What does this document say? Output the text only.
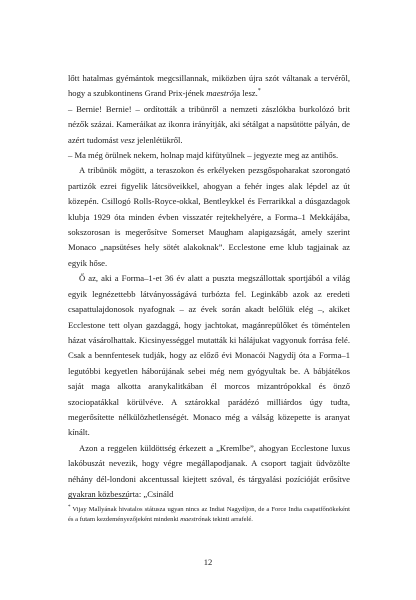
lőtt hatalmas gyémántok megcsillannak, miközben újra szót váltanak a tervérõl, hogy a szubkontinens Grand Prix-jének maestrója lesz.*

– Bernie! Bernie! – ordították a tribünről a nemzeti zászlókba burkolózó brit nézők százai. Kameráikat az ikonra irányítják, aki sétálgat a napsütötte pályán, de azért tudomást vesz jelenlétükről.

– Ma még örülnek nekem, holnap majd kifütyülnek – jegyezte meg az antihős.

A tribünök mögött, a teraszokon és erkélyeken pezsgőspoharakat szorongató partizók ezrei figyelik látcsöveikkel, ahogyan a fehér inges alak lépdel az út közepén. Csillogó Rolls-Royce-okkal, Bentleykkel és Ferrarikkal a dúsgazdagok klubja 1929 óta minden évben visszatér rejtekhelyére, a Forma–1 Mekkájába, sokszorosan is megerősítve Somerset Maugham alapigazságát, amely szerint Monaco „napsütéses hely sötét alakoknak”. Ecclestone eme klub tagjainak az egyik hőse.

Ő az, aki a Forma–1-et 36 év alatt a puszta megszállottak sportjából a világ egyik legnézettebb látványosságává turbózta fel. Leginkább azok az eredeti csapattulajdonosok nyafognak – az évek során akadt belőlük elég –, akiket Ecclestone tett olyan gazdaggá, hogy jachtokat, magánrepülőket és töméntelen házat vásárolhattak. Kicsinyességgel mutatták ki hálájukat vagyonuk forrása felé. Csak a bennfentesek tudják, hogy az előző évi Monacói Nagydíj óta a Forma–1 legutóbbi kegyetlen háborújának sebei még nem gyógyultak be. A bábjátékos saját maga alkotta aranykalitkában él morcos mizantrópokkal és önző szociopatákkal körülvéve. A sztárokkal parádézó milliárdos úgy tudta, megerősítette nélkülözhetlenségét. Monaco még a válság közepette is aranyat kínált.

Azon a reggelen küldöttség érkezett a „Kremlbe”, ahogyan Ecclestone luxus lakóbuszát nevezik, hogy végre megállapodjanak. A csoport tagjait üdvözölte néhány dél-londoni akcentussal kiejtett szóval, és tárgyalási pozícióját erősítve gyakran közbeszúrta: „Csináld

* Vijay Mallyának hivatalos státusza ugyan nincs az Indiai Nagydíjon, de a Force India csapatfőnökeként és a futam kezdeményezőjeként mindenki maestrónak tekinti arrafelé.
12
